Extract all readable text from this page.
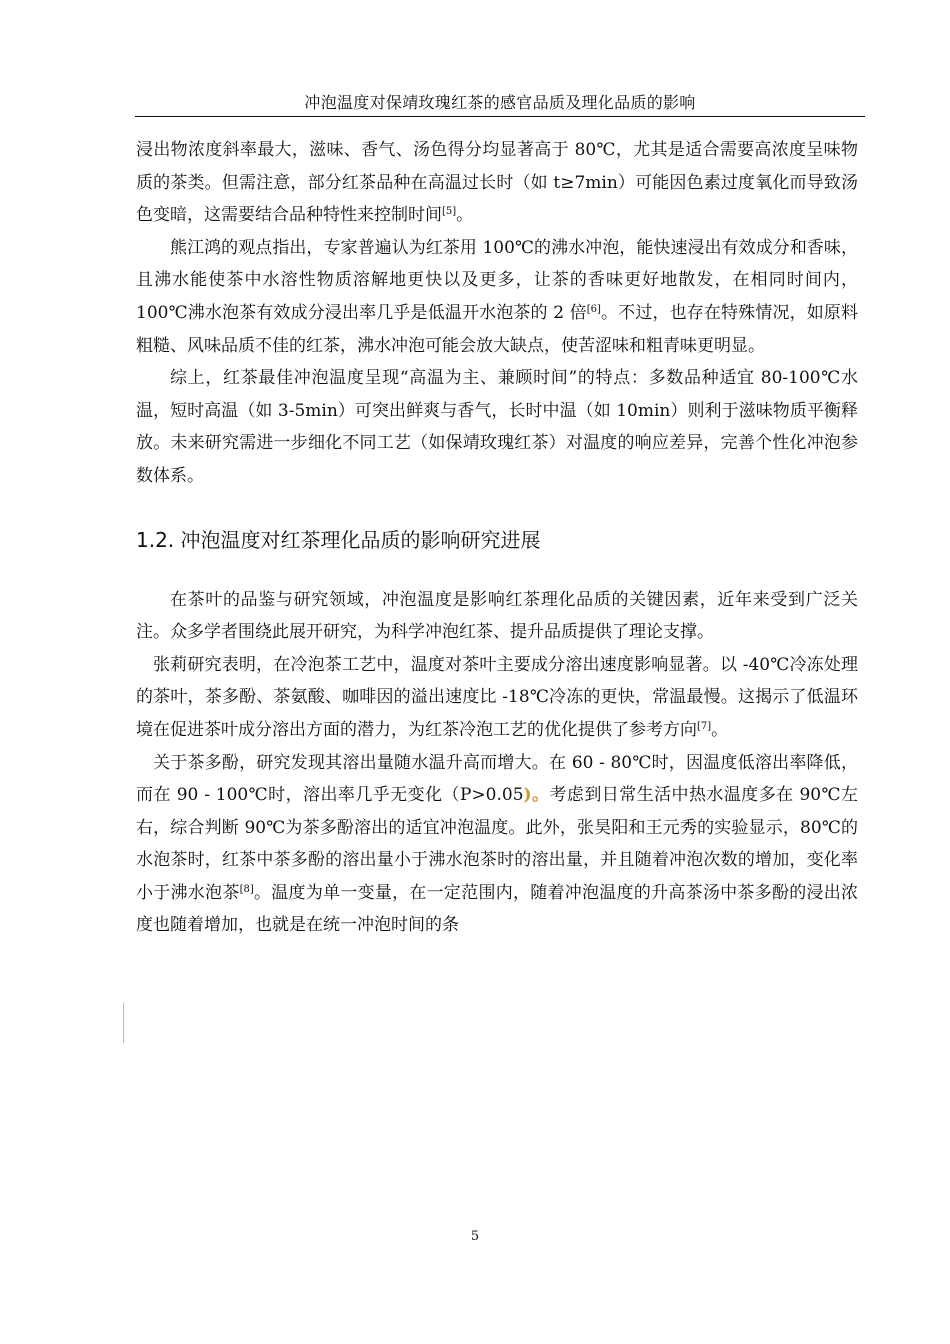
冲泡温度对保靖玫瑰红茶的感官品质及理化品质的影响

浸出物浓度斜率最大，滋味、香气、汤色得分均显著高于 80℃，尤其是适合需要高浓度呈味物质的茶类。但需注意，部分红茶品种在高温过长时（如 t≥7min）可能因色素过度氧化而导致汤色变暗，这需要结合品种特性来控制时间[5]。

熊江鸿的观点指出，专家普遍认为红茶用 100℃的沸水冲泡，能快速浸出有效成分和香味，且沸水能使茶中水溶性物质溶解地更快以及更多，让茶的香味更好地散发，在相同时间内，100℃沸水泡茶有效成分浸出率几乎是低温开水泡茶的 2 倍[6]。不过，也存在特殊情况，如原料粗糙、风味品质不佳的红茶，沸水冲泡可能会放大缺点，使苦涩味和粗青味更明显。

综上，红茶最佳冲泡温度呈现“高温为主、兼顾时间”的特点：多数品种适宜 80-100℃水温，短时高温（如 3-5min）可突出鲜爽与香气，长时中温（如 10min）则利于滋味物质平衡释放。未来研究需进一步细化不同工艺（如保靖玫瑰红茶）对温度的响应差异，完善个性化冲泡参数体系。

1.2. 冲泡温度对红茶理化品质的影响研究进展

在茶叶的品鉴与研究领域，冲泡温度是影响红茶理化品质的关键因素，近年来受到广泛关注。众多学者围绕此展开研究，为科学冲泡红茶、提升品质提供了理论支撑。

张莉研究表明，在冷泡茶工艺中，温度对茶叶主要成分溶出速度影响显著。以 -40℃冷冻处理的茶叶，茶多酚、茶氨酸、咖啡因的溢出速度比 -18℃冷冻的更快，常温最慢。这揭示了低温环境在促进茶叶成分溶出方面的潜力，为红茶冷泡工艺的优化提供了参考方向[7]。

关于茶多酚，研究发现其溶出量随水温升高而增大。在 60 - 80℃时，因温度低溶出率降低，而在 90 - 100℃时，溶出率几乎无变化（P>0.05)。考虑到日常生活中热水温度多在 90℃左右，综合判断 90℃为茶多酚溶出的适宜冲泡温度。此外，张昊阳和王元秀的实验显示，80℃的水泡茶时，红茶中茶多酚的溶出量小于沸水泡茶时的溶出量，并且随着冲泡次数的增加，变化率小于沸水泡茶[8]。温度为单一变量，在一定范围内，随着冲泡温度的升高茶汤中茶多酚的浸出浓度也随着增加，也就是在统一冲泡时间的条

5
